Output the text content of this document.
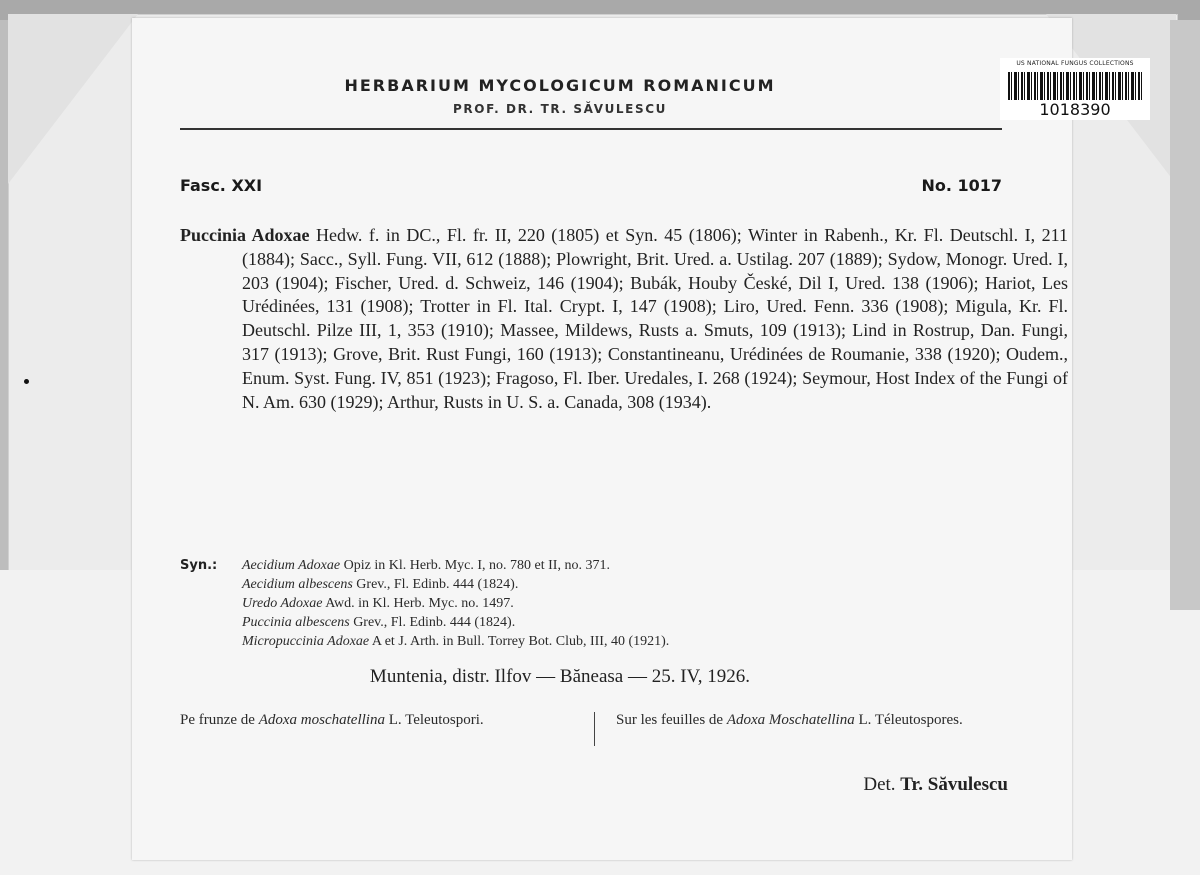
HERBARIUM MYCOLOGICUM ROMANICUM
PROF. DR. TR. SĂVULESCU
US NATIONAL FUNGUS COLLECTIONS
1018390
Fasc. XXI	No. 1017
Puccinia Adoxae Hedw. f. in DC., Fl. fr. II, 220 (1805) et Syn. 45 (1806); Winter in Rabenh., Kr. Fl. Deutschl. I, 211 (1884); Sacc., Syll. Fung. VII, 612 (1888); Plowright, Brit. Ured. a. Ustilag. 207 (1889); Sydow, Monogr. Ured. I, 203 (1904); Fischer, Ured. d. Schweiz, 146 (1904); Bubák, Houby České, Dil I, Ured. 138 (1906); Hariot, Les Urédinées, 131 (1908); Trotter in Fl. Ital. Crypt. I, 147 (1908); Liro, Ured. Fenn. 336 (1908); Migula, Kr. Fl. Deutschl. Pilze III, 1, 353 (1910); Massee, Mildews, Rusts a. Smuts, 109 (1913); Lind in Rostrup, Dan. Fungi, 317 (1913); Grove, Brit. Rust Fungi, 160 (1913); Constantineanu, Urédinées de Roumanie, 338 (1920); Oudem., Enum. Syst. Fung. IV, 851 (1923); Fragoso, Fl. Iber. Uredales, I. 268 (1924); Seymour, Host Index of the Fungi of N. Am. 630 (1929); Arthur, Rusts in U. S. a. Canada, 308 (1934).
Syn.: Aecidium Adoxae Opiz in Kl. Herb. Myc. I, no. 780 et II, no. 371.
Aecidium albescens Grev., Fl. Edinb. 444 (1824).
Uredo Adoxae Awd. in Kl. Herb. Myc. no. 1497.
Puccinia albescens Grev., Fl. Edinb. 444 (1824).
Micropuccinia Adoxae A et J. Arth. in Bull. Torrey Bot. Club, III, 40 (1921).
Muntenia, distr. Ilfov — Băneasa — 25. IV, 1926.
Pe frunze de Adoxa moschatellina L. Teleutospori.	Sur les feuilles de Adoxa Moschatellina L. Téleutospores.
Det. Tr. Săvulescu
